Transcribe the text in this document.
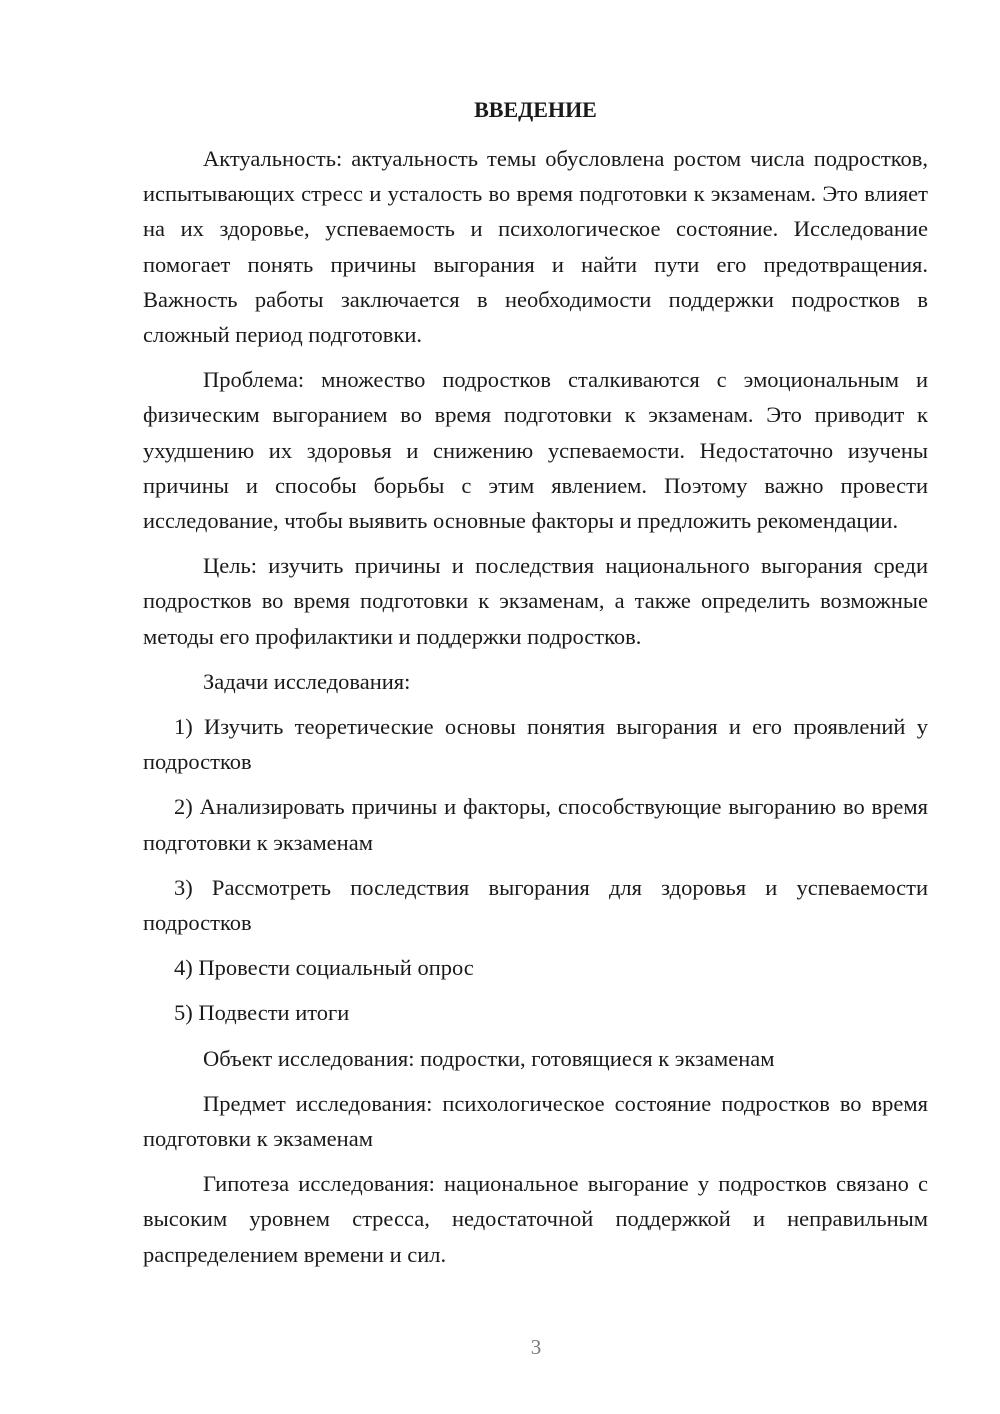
ВВЕДЕНИЕ

Актуальность: актуальность темы обусловлена ростом числа подростков, испытывающих стресс и усталость во время подготовки к экзаменам. Это влияет на их здоровье, успеваемость и психологическое состояние. Исследование помогает понять причины выгорания и найти пути его предотвращения. Важность работы заключается в необходимости поддержки подростков в сложный период подготовки.

Проблема: множество подростков сталкиваются с эмоциональным и физическим выгоранием во время подготовки к экзаменам. Это приводит к ухудшению их здоровья и снижению успеваемости. Недостаточно изучены причины и способы борьбы с этим явлением. Поэтому важно провести исследование, чтобы выявить основные факторы и предложить рекомендации.

Цель: изучить причины и последствия национального выгорания среди подростков во время подготовки к экзаменам, а также определить возможные методы его профилактики и поддержки подростков.

Задачи исследования:

1) Изучить теоретические основы понятия выгорания и его проявлений у подростков

2) Анализировать причины и факторы, способствующие выгоранию во время подготовки к экзаменам

3) Рассмотреть последствия выгорания для здоровья и успеваемости подростков

4) Провести социальный опрос

5) Подвести итоги

Объект исследования: подростки, готовящиеся к экзаменам

Предмет исследования: психологическое состояние подростков во время подготовки к экзаменам

Гипотеза исследования: национальное выгорание у подростков связано с высоким уровнем стресса, недостаточной поддержкой и неправильным распределением времени и сил.

3
